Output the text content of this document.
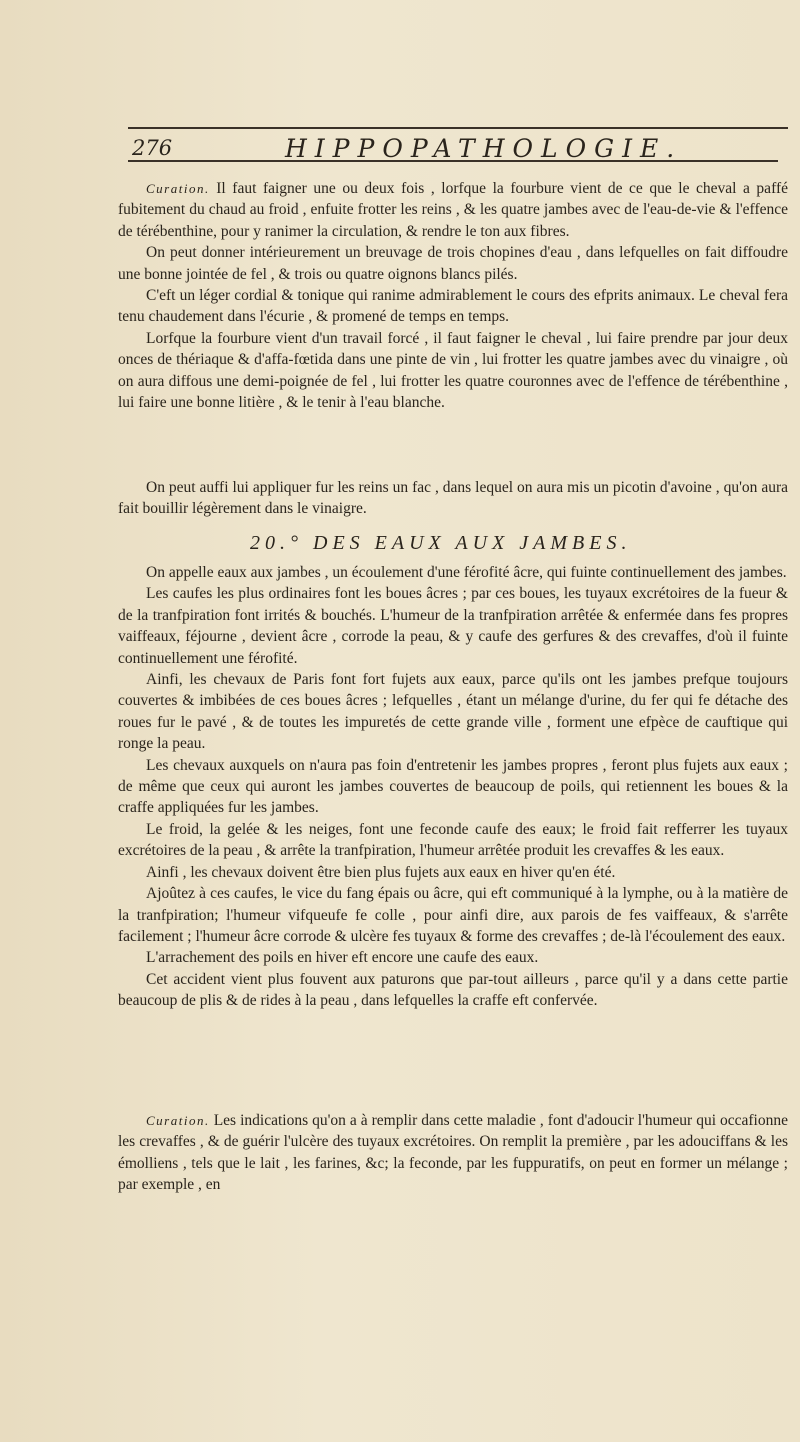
276	HIPPOPATHOLOGIE.

Curation. Il faut faigner une ou deux fois , lorfque la fourbure vient de ce que le cheval a paffé fubitement du chaud au froid , enfuite frotter les reins , & les quatre jambes avec de l'eau-de-vie & l'effence de térébenthine, pour y ranimer la circulation, & rendre le ton aux fibres.

On peut donner intérieurement un breuvage de trois chopines d'eau , dans lefquelles on fait diffoudre une bonne jointée de fel , & trois ou quatre oignons blancs pilés.

C'eft un léger cordial & tonique qui ranime admirablement le cours des efprits animaux. Le cheval fera tenu chaudement dans l'écurie , & promené de temps en temps.

Lorfque la fourbure vient d'un travail forcé , il faut faigner le cheval , lui faire prendre par jour deux onces de thériaque & d'affa-fœtida dans une pinte de vin , lui frotter les quatre jambes avec du vinaigre , où on aura diffous une demi-poignée de fel , lui frotter les quatre couronnes avec de l'effence de térébenthine , lui faire une bonne litière , & le tenir à l'eau blanche.

On peut auffi lui appliquer fur les reins un fac , dans lequel on aura mis un picotin d'avoine , qu'on aura fait bouillir légèrement dans le vinaigre.

20.° DES EAUX AUX JAMBES.

On appelle eaux aux jambes , un écoulement d'une férofité âcre, qui fuinte continuellement des jambes.

Les caufes les plus ordinaires font les boues âcres ; par ces boues, les tuyaux excrétoires de la fueur & de la tranfpiration font irrités & bouchés. L'humeur de la tranfpiration arrêtée & enfermée dans fes propres vaiffeaux, féjourne , devient âcre , corrode la peau, & y caufe des gerfures & des crevaffes, d'où il fuinte continuellement une férofité.

Ainfi, les chevaux de Paris font fort fujets aux eaux, parce qu'ils ont les jambes prefque toujours couvertes & imbibées de ces boues âcres ; lefquelles , étant un mélange d'urine, du fer qui fe détache des roues fur le pavé , & de toutes les impuretés de cette grande ville , forment une efpèce de cauftique qui ronge la peau.

Les chevaux auxquels on n'aura pas foin d'entretenir les jambes propres , feront plus fujets aux eaux ; de même que ceux qui auront les jambes couvertes de beaucoup de poils, qui retiennent les boues & la craffe appliquées fur les jambes.

Le froid, la gelée & les neiges, font une feconde caufe des eaux; le froid fait refferrer les tuyaux excrétoires de la peau , & arrête la tranfpiration, l'humeur arrêtée produit les crevaffes & les eaux.

Ainfi , les chevaux doivent être bien plus fujets aux eaux en hiver qu'en été.

Ajoûtez à ces caufes, le vice du fang épais ou âcre, qui eft communiqué à la lymphe, ou à la matière de la tranfpiration; l'humeur vifqueufe fe colle , pour ainfi dire, aux parois de fes vaiffeaux, & s'arrête facilement ; l'humeur âcre corrode & ulcère fes tuyaux & forme des crevaffes ; de-là l'écoulement des eaux.

L'arrachement des poils en hiver eft encore une caufe des eaux.

Cet accident vient plus fouvent aux paturons que par-tout ailleurs , parce qu'il y a dans cette partie beaucoup de plis & de rides à la peau , dans lefquelles la craffe eft confervée.

Curation. Les indications qu'on a à remplir dans cette maladie , font d'adoucir l'humeur qui occafionne les crevaffes , & de guérir l'ulcère des tuyaux excrétoires. On remplit la première , par les adouciffans & les émolliens , tels que le lait , les farines, &c; la feconde, par les fuppuratifs, on peut en former un mélange ; par exemple , en
